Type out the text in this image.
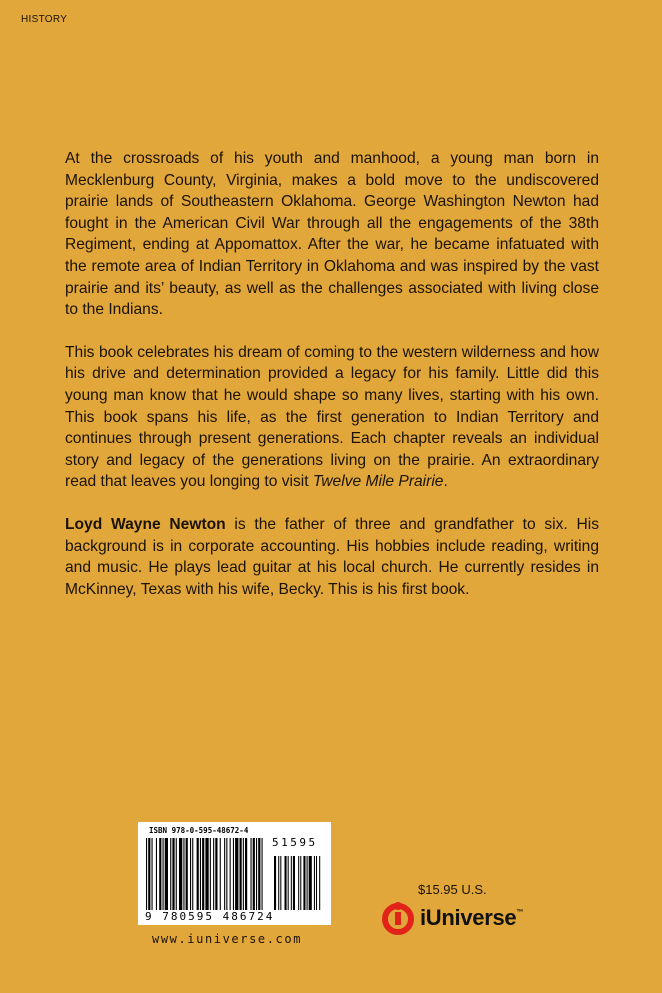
HISTORY

At the crossroads of his youth and manhood, a young man born in Mecklenburg County, Virginia, makes a bold move to the undiscovered prairie lands of Southeastern Oklahoma. George Washington Newton had fought in the American Civil War through all the engagements of the 38th Regiment, ending at Appomattox. After the war, he became infatuated with the remote area of Indian Territory in Oklahoma and was inspired by the vast prairie and its’ beauty, as well as the challenges associated with living close to the Indians.

This book celebrates his dream of coming to the western wilderness and how his drive and determination provided a legacy for his family. Little did this young man know that he would shape so many lives, starting with his own. This book spans his life, as the first generation to Indian Territory and continues through present generations. Each chapter reveals an individual story and legacy of the generations living on the prairie. An extraordinary read that leaves you longing to visit Twelve Mile Prairie.

Loyd Wayne Newton is the father of three and grandfather to six. His background is in corporate accounting. His hobbies include reading, writing and music. He plays lead guitar at his local church. He currently resides in McKinney, Texas with his wife, Becky. This is his first book.

ISBN 978-0-595-48672-4
51595
9 780595 486724
www.iuniverse.com
$15.95 U.S.
iUniverse™
